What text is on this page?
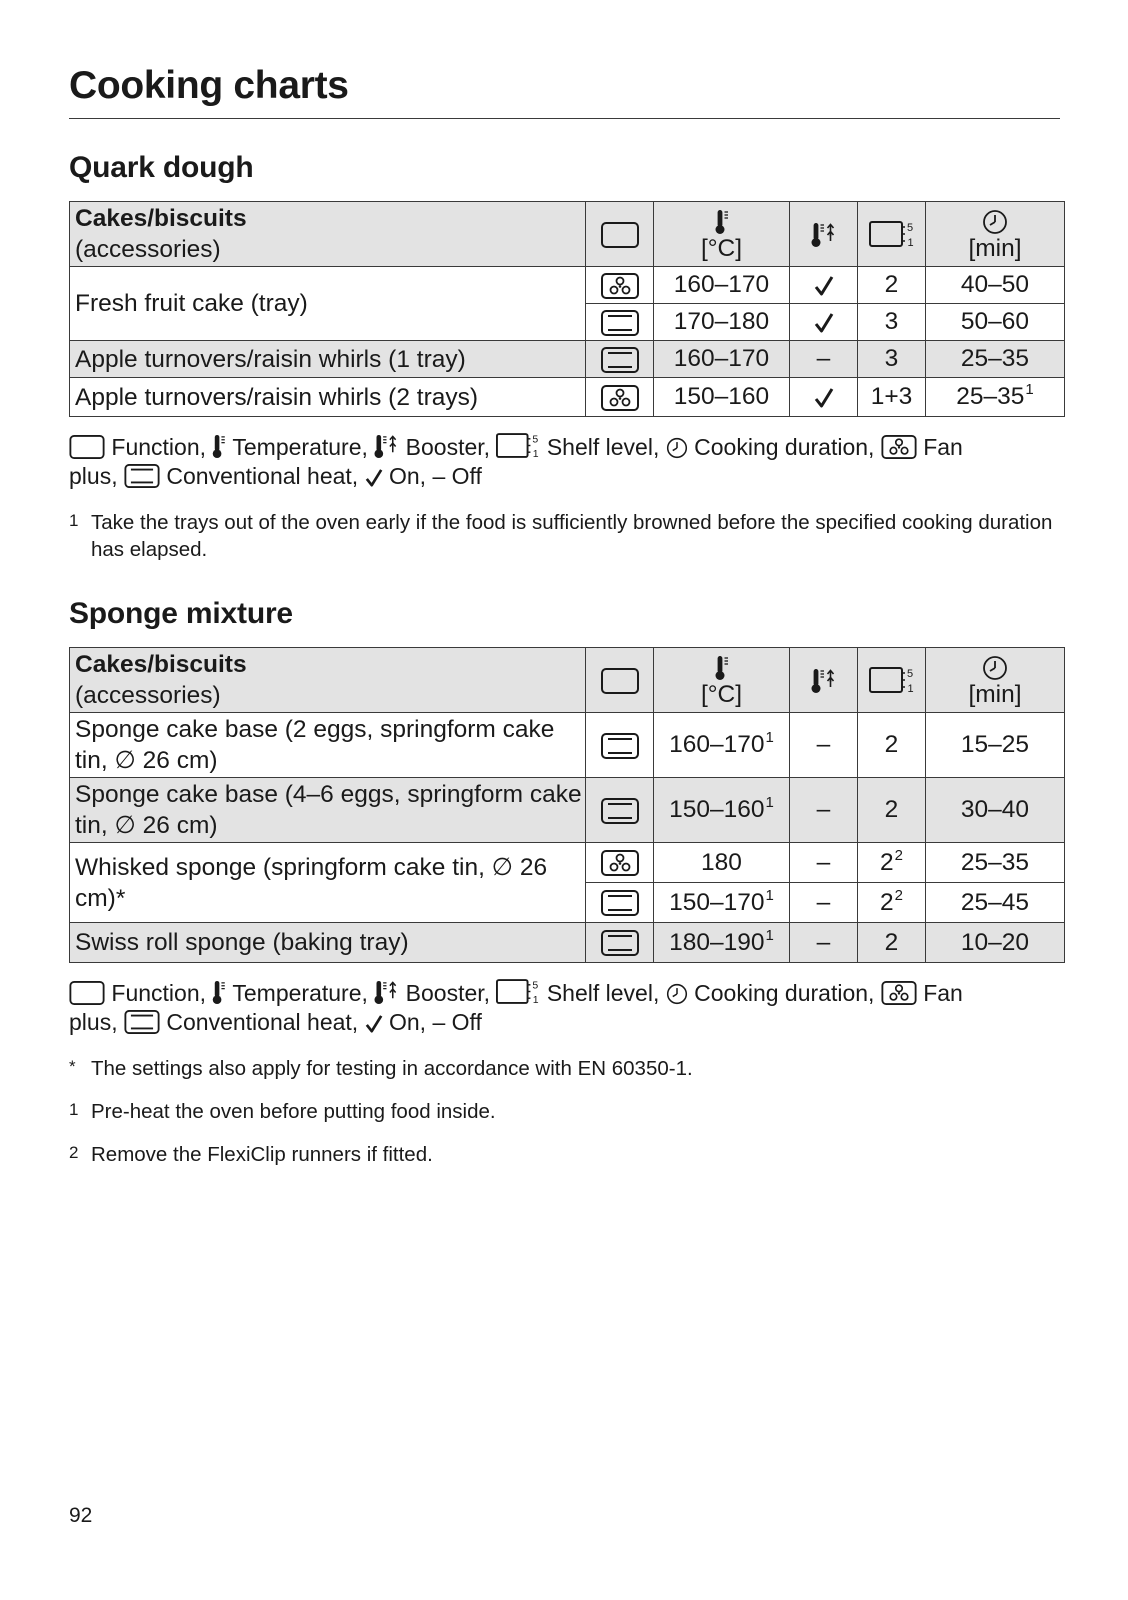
Cooking charts
Quark dough
Cakes/biscuits
(accessories)		[°C]			[min]

Fresh fruit cake (tray)		160–170		2	40–50

	170–180		3	50–60
Apple turnovers/raisin whirls (1 tray)		160–170	–	3	25–35
Apple turnovers/raisin whirls (2 trays)		150–160		1+3	$25-35^1$
Function, Temperature, Booster, Shelf level, Cooking duration, Fan
plus, Conventional heat, On, – Off
1 Take the trays out of the oven early if the food is sufficiently browned before the specified cooking duration has elapsed.
Sponge mixture
Cakes/biscuits
(accessories)		[°C]			[min]

Sponge cake base (2 eggs, springform cake tin, ∅ 26 cm)		$160-170^1$	–	2	15–25
Sponge cake base (4–6 eggs, springform cake tin, ∅ 26 cm)		$150-160^1$	–	2	30–40
Whisked sponge (springform cake tin, ∅ 26 cm)*		180	–	$2^2$	25–35

	$150-170^1$	–	$2^2$	25–45
Swiss roll sponge (baking tray)		$180-190^1$	–	2	10–20
Function, Temperature, Booster, Shelf level, Cooking duration, Fan
plus, Conventional heat, On, – Off
* The settings also apply for testing in accordance with EN 60350-1.
1 Pre-heat the oven before putting food inside.
2 Remove the FlexiClip runners if fitted.
92
